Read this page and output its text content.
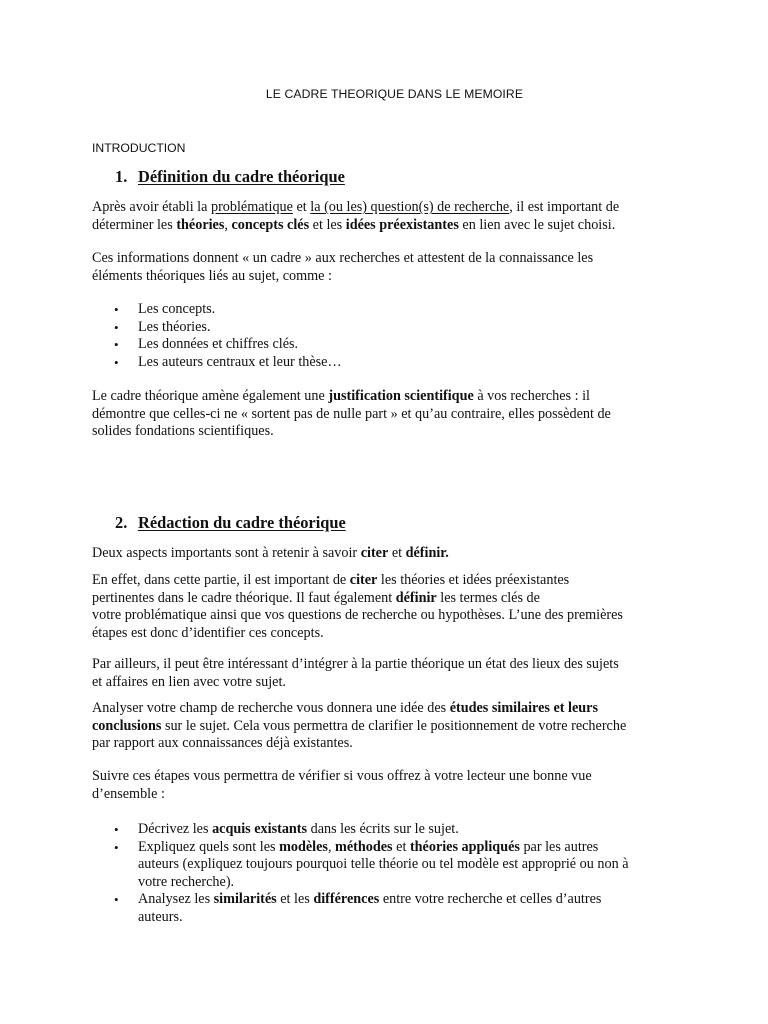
LE CADRE THEORIQUE DANS LE MEMOIRE
INTRODUCTION
1. Définition du cadre théorique
Après avoir établi la problématique et la (ou les) question(s) de recherche, il est important de
déterminer les théories, concepts clés et les idées préexistantes en lien avec le sujet choisi.
Ces informations donnent « un cadre » aux recherches et attestent de la connaissance les
éléments théoriques liés au sujet, comme :
• Les concepts.
• Les théories.
• Les données et chiffres clés.
• Les auteurs centraux et leur thèse…
Le cadre théorique amène également une justification scientifique à vos recherches : il
démontre que celles-ci ne « sortent pas de nulle part » et qu’au contraire, elles possèdent de
solides fondations scientifiques.
2. Rédaction du cadre théorique
Deux aspects importants sont à retenir à savoir citer et définir.
En effet, dans cette partie, il est important de citer les théories et idées préexistantes
pertinentes dans le cadre théorique. Il faut également définir les termes clés de
votre problématique ainsi que vos questions de recherche ou hypothèses. L’une des premières
étapes est donc d’identifier ces concepts.
Par ailleurs, il peut être intéressant d’intégrer à la partie théorique un état des lieux des sujets
et affaires en lien avec votre sujet.
Analyser votre champ de recherche vous donnera une idée des études similaires et leurs
conclusions sur le sujet. Cela vous permettra de clarifier le positionnement de votre recherche
par rapport aux connaissances déjà existantes.
Suivre ces étapes vous permettra de vérifier si vous offrez à votre lecteur une bonne vue
d’ensemble :
• Décrivez les acquis existants dans les écrits sur le sujet.
• Expliquez quels sont les modèles, méthodes et théories appliqués par les autres
auteurs (expliquez toujours pourquoi telle théorie ou tel modèle est approprié ou non à
votre recherche).
• Analysez les similarités et les différences entre votre recherche et celles d’autres
auteurs.
